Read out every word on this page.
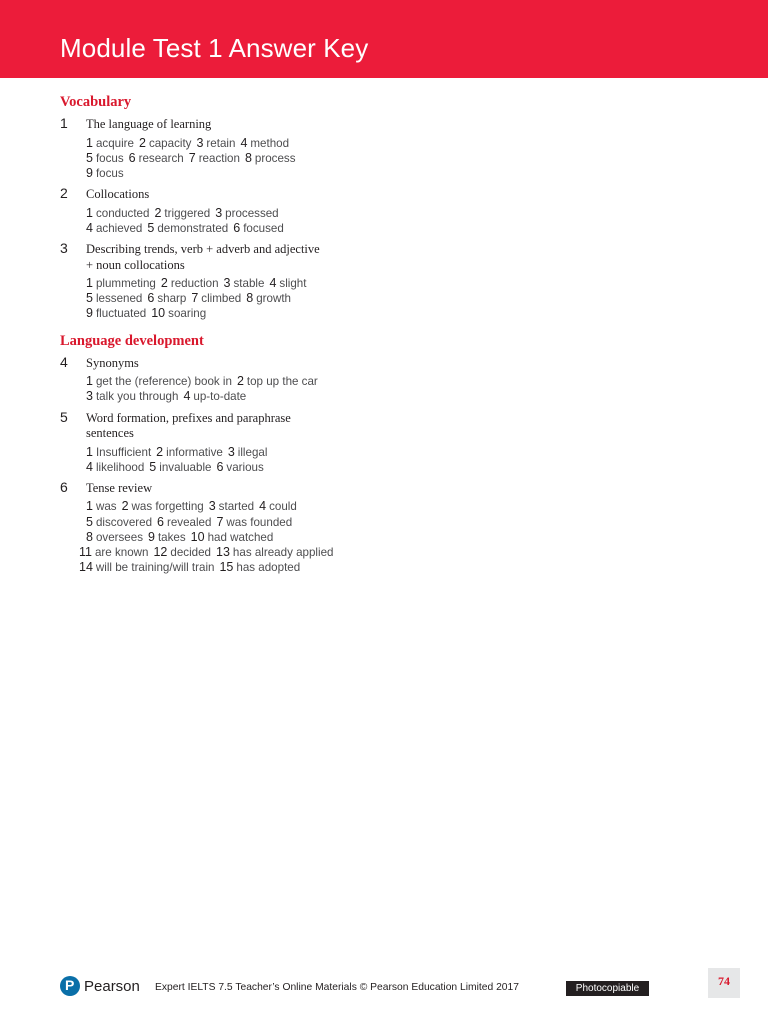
Module Test 1 Answer Key
Vocabulary
1	The language of learning
1 acquire 2 capacity 3 retain 4 method
5 focus 6 research 7 reaction 8 process
9 focus
2	Collocations
1 conducted 2 triggered 3 processed
4 achieved 5 demonstrated 6 focused
3	Describing trends, verb + adverb and adjective
+ noun collocations
1 plummeting 2 reduction 3 stable 4 slight
5 lessened 6 sharp 7 climbed 8 growth
9 fluctuated 10 soaring
Language development
4	Synonyms
1 get the (reference) book in 2 top up the car
3 talk you through 4 up-to-date
5	Word formation, prefixes and paraphrase
sentences
1 Insufficient 2 informative 3 illegal
4 likelihood 5 invaluable 6 various
6	Tense review
1 was 2 was forgetting 3 started 4 could
5 discovered 6 revealed 7 was founded
8 oversees 9 takes 10 had watched
11 are known 12 decided 13 has already applied
14 will be training/will train 15 has adopted
P Pearson Expert IELTS 7.5 Teacher’s Online Materials © Pearson Education Limited 2017	Photocopiable
74
